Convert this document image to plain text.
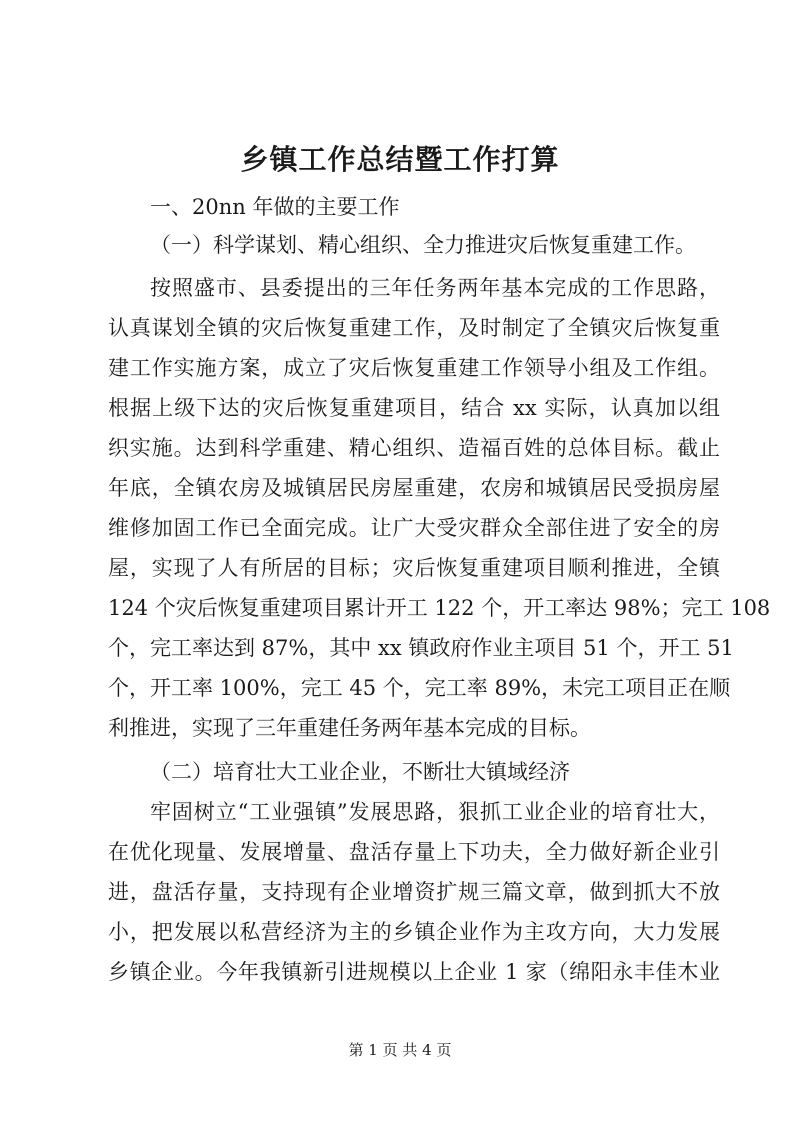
乡镇工作总结暨工作打算
一、20nn 年做的主要工作
（一）科学谋划、精心组织、全力推进灾后恢复重建工作。
按照盛市、县委提出的三年任务两年基本完成的工作思路，
认真谋划全镇的灾后恢复重建工作，及时制定了全镇灾后恢复重
建工作实施方案，成立了灾后恢复重建工作领导小组及工作组。
根据上级下达的灾后恢复重建项目，结合 xx 实际，认真加以组
织实施。达到科学重建、精心组织、造福百姓的总体目标。截止
年底，全镇农房及城镇居民房屋重建，农房和城镇居民受损房屋
维修加固工作已全面完成。让广大受灾群众全部住进了安全的房
屋，实现了人有所居的目标；灾后恢复重建项目顺利推进，全镇
124 个灾后恢复重建项目累计开工 122 个，开工率达 98%；完工 108
个，完工率达到 87%，其中 xx 镇政府作业主项目 51 个，开工 51
个，开工率 100%，完工 45 个，完工率 89%，未完工项目正在顺
利推进，实现了三年重建任务两年基本完成的目标。
（二）培育壮大工业企业，不断壮大镇域经济
牢固树立“工业强镇”发展思路，狠抓工业企业的培育壮大，
在优化现量、发展增量、盘活存量上下功夫，全力做好新企业引
进，盘活存量，支持现有企业增资扩规三篇文章，做到抓大不放
小，把发展以私营经济为主的乡镇企业作为主攻方向，大力发展
乡镇企业。今年我镇新引进规模以上企业 1 家（绵阳永丰佳木业
第 1 页 共 4 页
